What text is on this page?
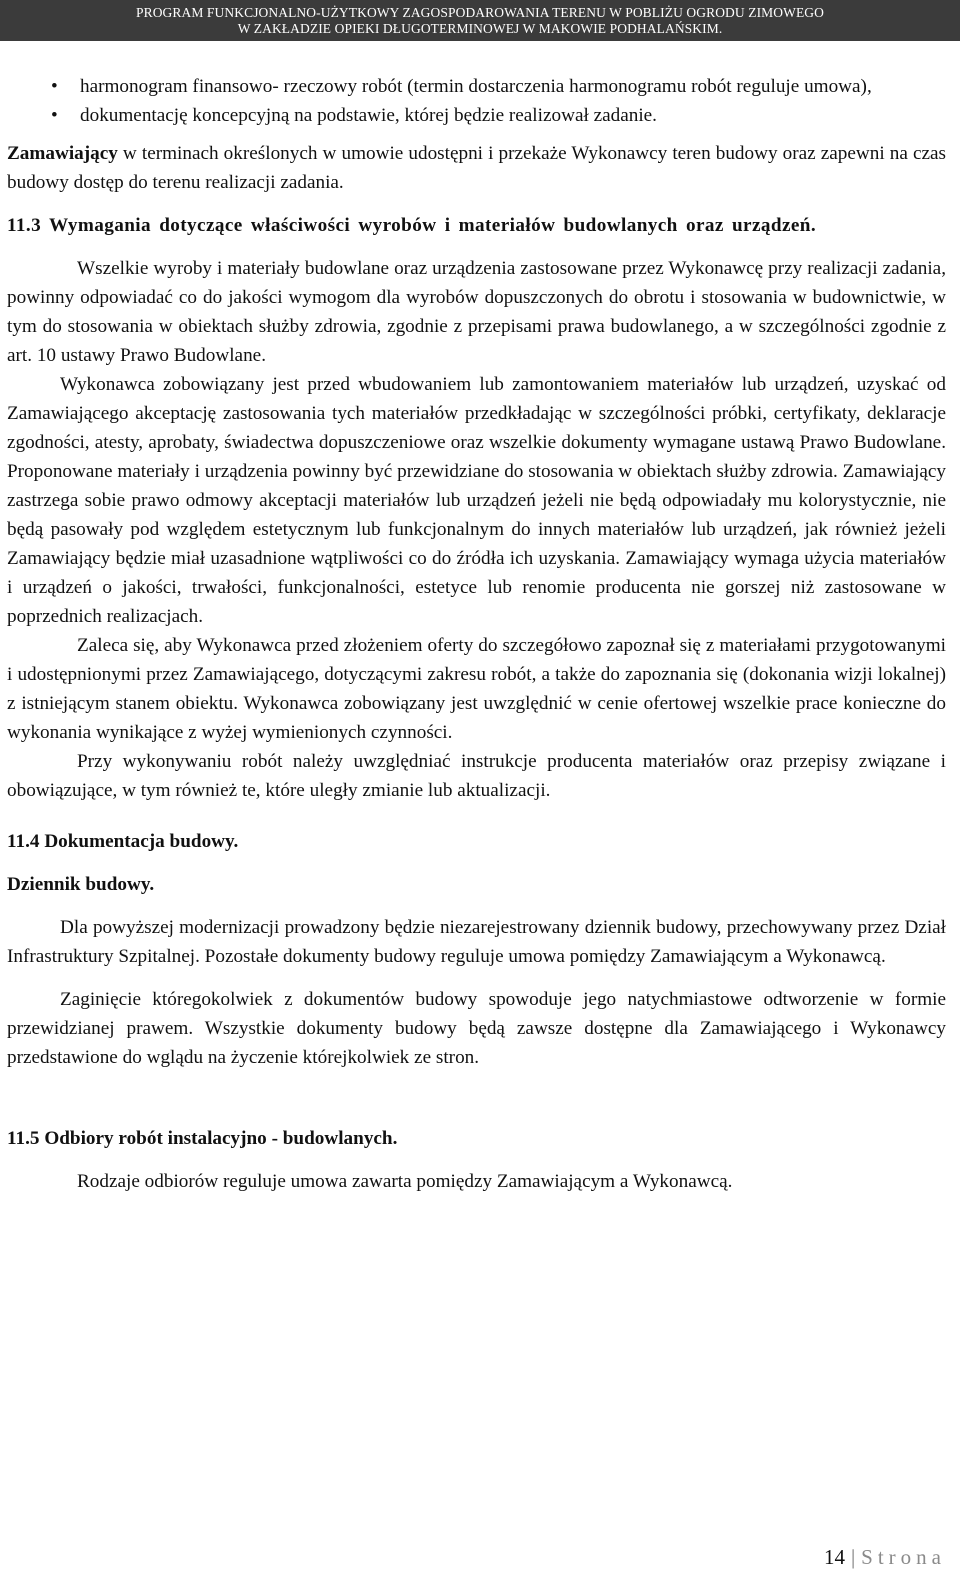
PROGRAM FUNKCJONALNO-UŻYTKOWY ZAGOSPODAROWANIA TERENU W POBLIŻU OGRODU ZIMOWEGO
W ZAKŁADZIE OPIEKI DŁUGOTERMINOWEJ W MAKOWIE PODHALAŃSKIM.
• harmonogram finansowo- rzeczowy robót (termin dostarczenia harmonogramu robót reguluje umowa),
• dokumentację koncepcyjną na podstawie, której będzie realizował zadanie.

Zamawiający w terminach określonych w umowie udostępni i przekaże Wykonawcy teren budowy oraz zapewni na czas budowy dostęp do terenu realizacji zadania.

11.3 Wymagania dotyczące właściwości wyrobów i materiałów budowlanych oraz urządzeń.

Wszelkie wyroby i materiały budowlane oraz urządzenia zastosowane przez Wykonawcę przy realizacji zadania, powinny odpowiadać co do jakości wymogom dla wyrobów dopuszczonych do obrotu i stosowania w budownictwie, w tym do stosowania w obiektach służby zdrowia, zgodnie z przepisami prawa budowlanego, a w szczególności zgodnie z art. 10 ustawy Prawo Budowlane.

Wykonawca zobowiązany jest przed wbudowaniem lub zamontowaniem materiałów lub urządzeń, uzyskać od Zamawiającego akceptację zastosowania tych materiałów przedkładając w szczególności próbki, certyfikaty, deklaracje zgodności, atesty, aprobaty, świadectwa dopuszczeniowe oraz wszelkie dokumenty wymagane ustawą Prawo Budowlane. Proponowane materiały i urządzenia powinny być przewidziane do stosowania w obiektach służby zdrowia. Zamawiający zastrzega sobie prawo odmowy akceptacji materiałów lub urządzeń jeżeli nie będą odpowiadały mu kolorystycznie, nie będą pasowały pod względem estetycznym lub funkcjonalnym do innych materiałów lub urządzeń, jak również jeżeli Zamawiający będzie miał uzasadnione wątpliwości co do źródła ich uzyskania. Zamawiający wymaga użycia materiałów i urządzeń o jakości, trwałości, funkcjonalności, estetyce lub renomie producenta nie gorszej niż zastosowane w poprzednich realizacjach.

Zaleca się, aby Wykonawca przed złożeniem oferty do szczegółowo zapoznał się z materiałami przygotowanymi i udostępnionymi przez Zamawiającego, dotyczącymi zakresu robót, a także do zapoznania się (dokonania wizji lokalnej) z istniejącym stanem obiektu. Wykonawca zobowiązany jest uwzględnić w cenie ofertowej wszelkie prace konieczne do wykonania wynikające z wyżej wymienionych czynności.

Przy wykonywaniu robót należy uwzględniać instrukcje producenta materiałów oraz przepisy związane i obowiązujące, w tym również te, które uległy zmianie lub aktualizacji.

11.4 Dokumentacja budowy.
Dziennik budowy.

Dla powyższej modernizacji prowadzony będzie niezarejestrowany dziennik budowy, przechowywany przez Dział Infrastruktury Szpitalnej. Pozostałe dokumenty budowy reguluje umowa pomiędzy Zamawiającym a Wykonawcą.

Zaginięcie któregokolwiek z dokumentów budowy spowoduje jego natychmiastowe odtworzenie w formie przewidzianej prawem. Wszystkie dokumenty budowy będą zawsze dostępne dla Zamawiającego i Wykonawcy przedstawione do wglądu na życzenie którejkolwiek ze stron.

11.5 Odbiory robót instalacyjno - budowlanych.

Rodzaje odbiorów reguluje umowa zawarta pomiędzy Zamawiającym a Wykonawcą.

14 | Strona
